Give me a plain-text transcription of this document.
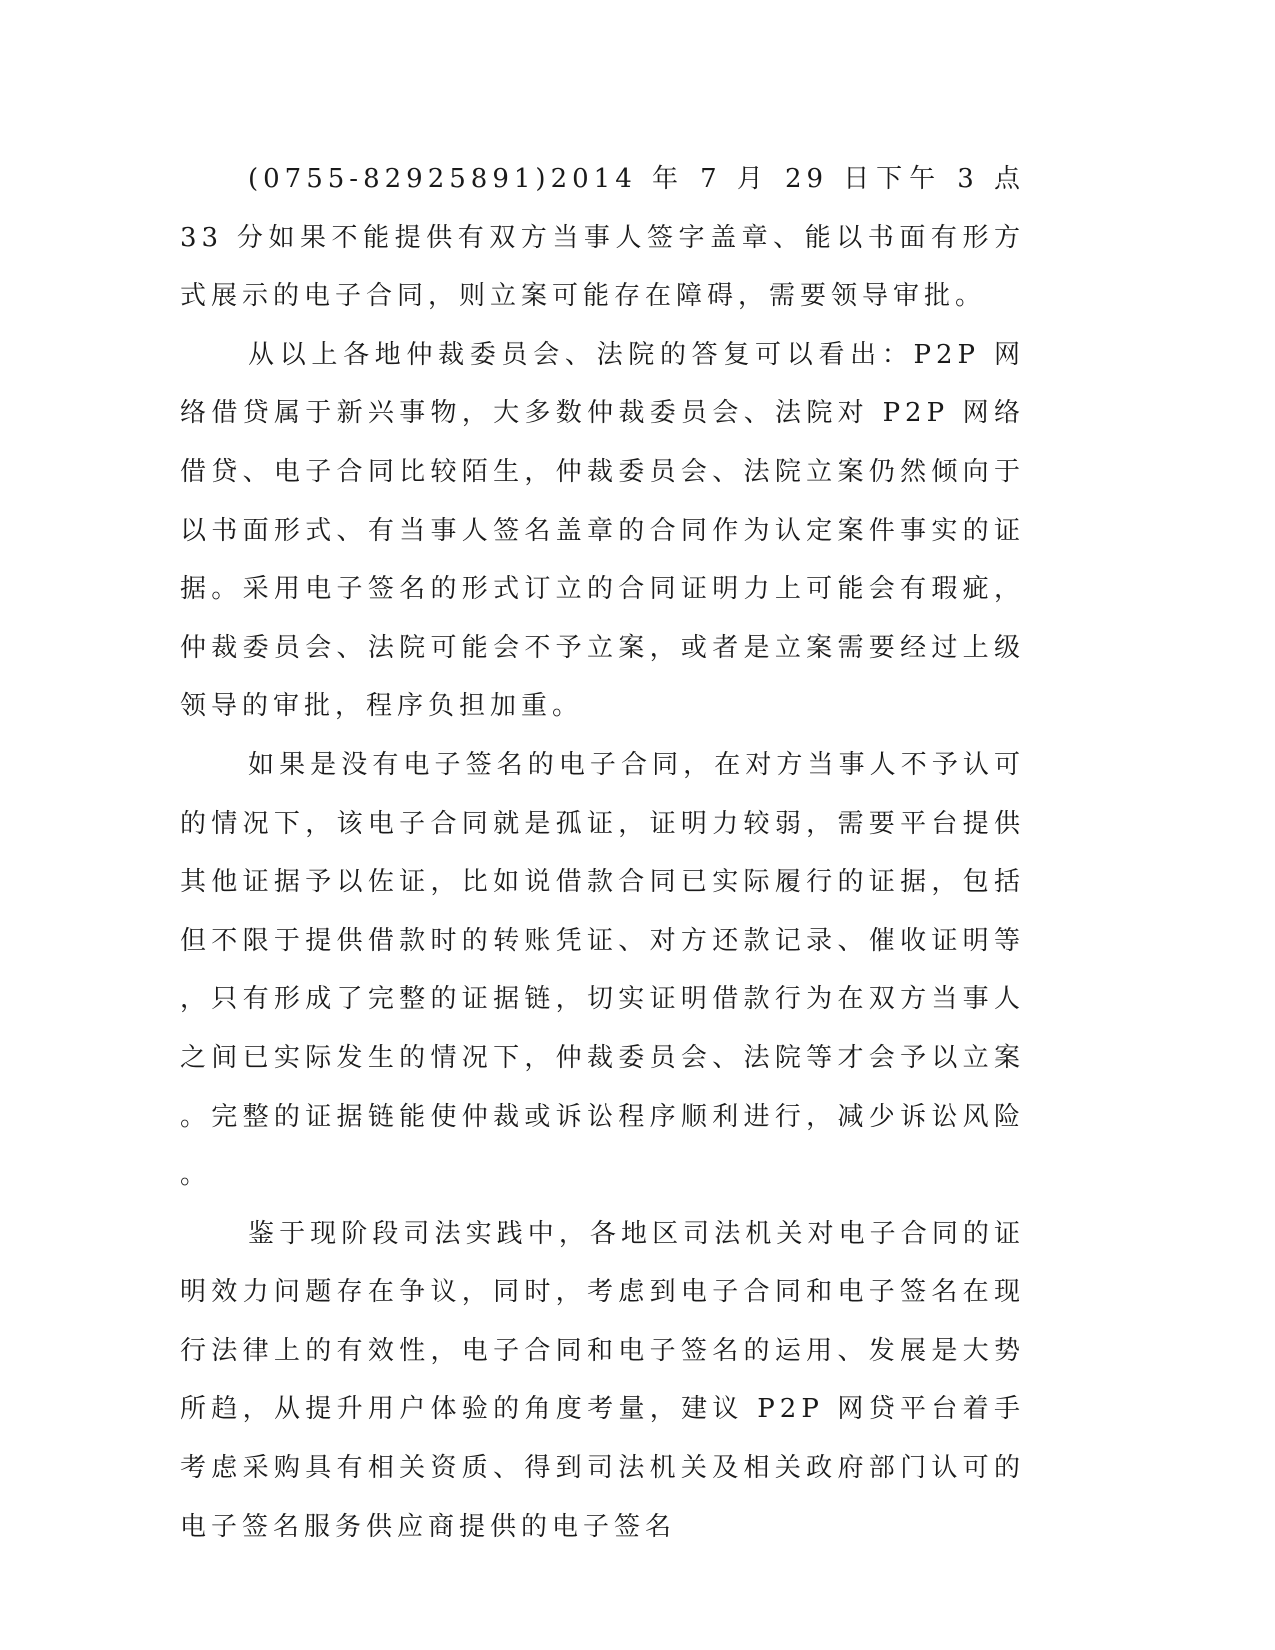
(0755-82925891)2014 年 7 月 29 日下午 3 点 33 分如果不能提供有双方当事人签字盖章、能以书面有形方式展示的电子合同，则立案可能存在障碍，需要领导审批。

从以上各地仲裁委员会、法院的答复可以看出：P2P 网络借贷属于新兴事物，大多数仲裁委员会、法院对 P2P 网络借贷、电子合同比较陌生，仲裁委员会、法院立案仍然倾向于以书面形式、有当事人签名盖章的合同作为认定案件事实的证据。采用电子签名的形式订立的合同证明力上可能会有瑕疵，仲裁委员会、法院可能会不予立案，或者是立案需要经过上级领导的审批，程序负担加重。

如果是没有电子签名的电子合同，在对方当事人不予认可的情况下，该电子合同就是孤证，证明力较弱，需要平台提供其他证据予以佐证，比如说借款合同已实际履行的证据，包括但不限于提供借款时的转账凭证、对方还款记录、催收证明等，只有形成了完整的证据链，切实证明借款行为在双方当事人之间已实际发生的情况下，仲裁委员会、法院等才会予以立案。完整的证据链能使仲裁或诉讼程序顺利进行，减少诉讼风险。

鉴于现阶段司法实践中，各地区司法机关对电子合同的证明效力问题存在争议，同时，考虑到电子合同和电子签名在现行法律上的有效性，电子合同和电子签名的运用、发展是大势所趋，从提升用户体验的角度考量，建议 P2P 网贷平台着手考虑采购具有相关资质、得到司法机关及相关政府部门认可的电子签名服务供应商提供的电子签名
